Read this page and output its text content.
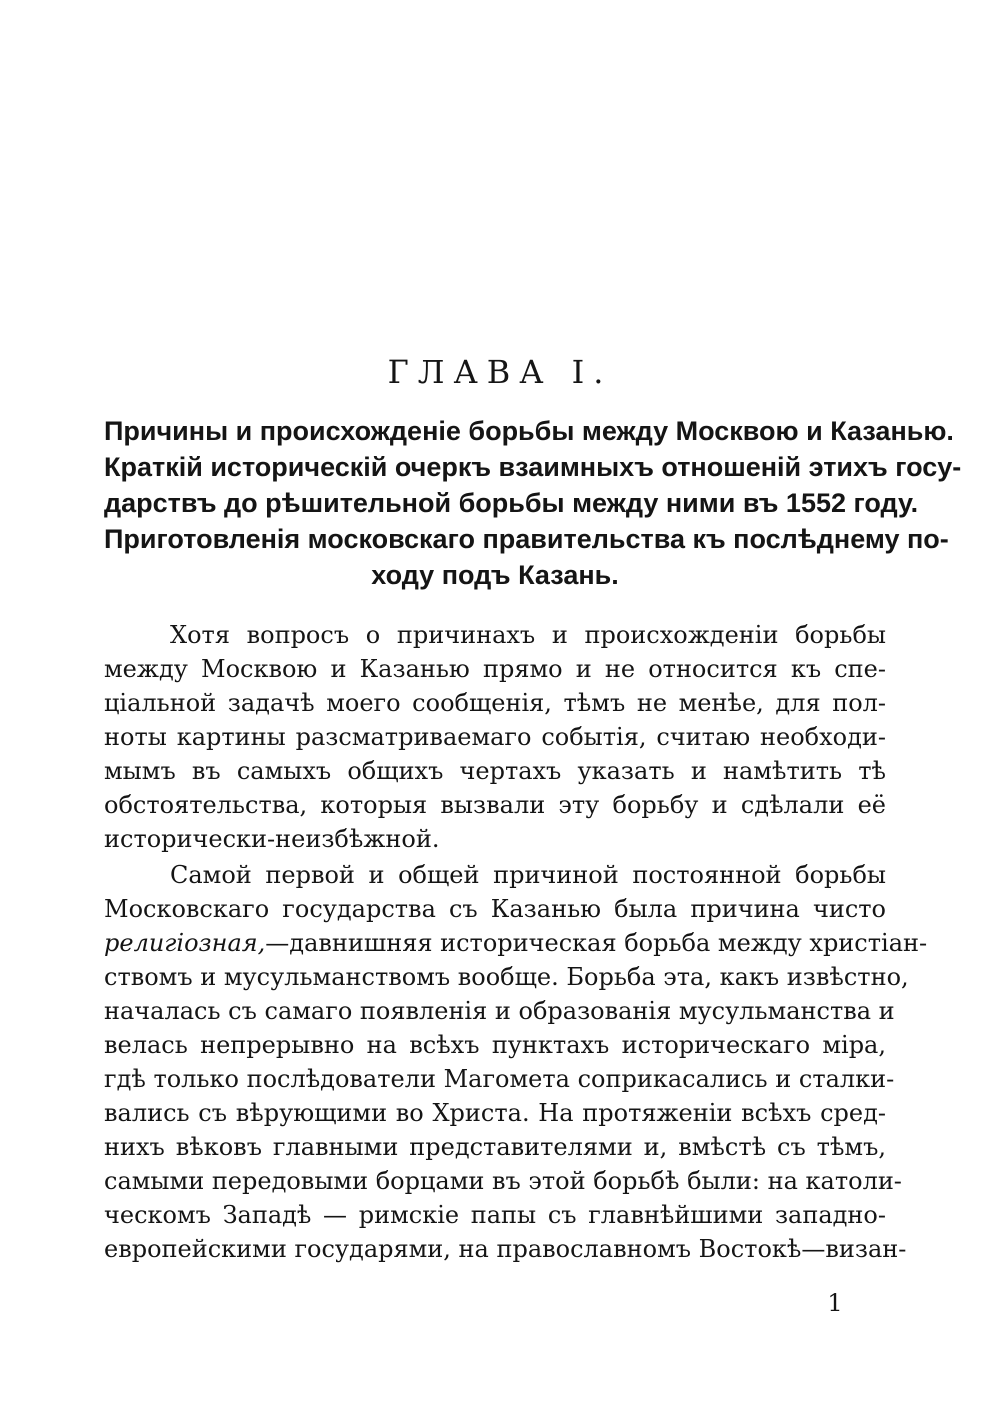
ГЛАВА I.
Причины и происхожденіе борьбы между Москвою и Казанью.
Краткій историческій очеркъ взаимныхъ отношеній этихъ госу-
дарствъ до рѣшительной борьбы между ними въ 1552 году.
Приготовленія московскаго правительства къ послѣднему по-
ходу подъ Казань.
Хотя вопросъ о причинахъ и происхожденіи борьбы
между Москвою и Казанью прямо и не относится къ спе-
ціальной задачѣ моего сообщенія, тѣмъ не менѣе, для пол-
ноты картины разсматриваемаго событія, считаю необходи-
мымъ въ самыхъ общихъ чертахъ указать и намѣтить тѣ
обстоятельства, которыя вызвали эту борьбу и сдѣлали её
исторически-неизбѣжной.
Самой первой и общей причиной постоянной борьбы
Московскаго государства съ Казанью была причина чисто
религіозная,—давнишняя историческая борьба между христіан-
ствомъ и мусульманствомъ вообще. Борьба эта, какъ извѣстно,
началась съ самаго появленія и образованія мусульманства и
велась непрерывно на всѣхъ пунктахъ историческаго міра,
гдѣ только послѣдователи Магомета соприкасались и сталки-
вались съ вѣрующими во Христа. На протяженіи всѣхъ сред-
нихъ вѣковъ главными представителями и, вмѣстѣ съ тѣмъ,
самыми передовыми борцами въ этой борьбѣ были: на католи-
ческомъ Западѣ — римскіе папы съ главнѣйшими западно-
европейскими государями, на православномъ Востокѣ—визан-
1
